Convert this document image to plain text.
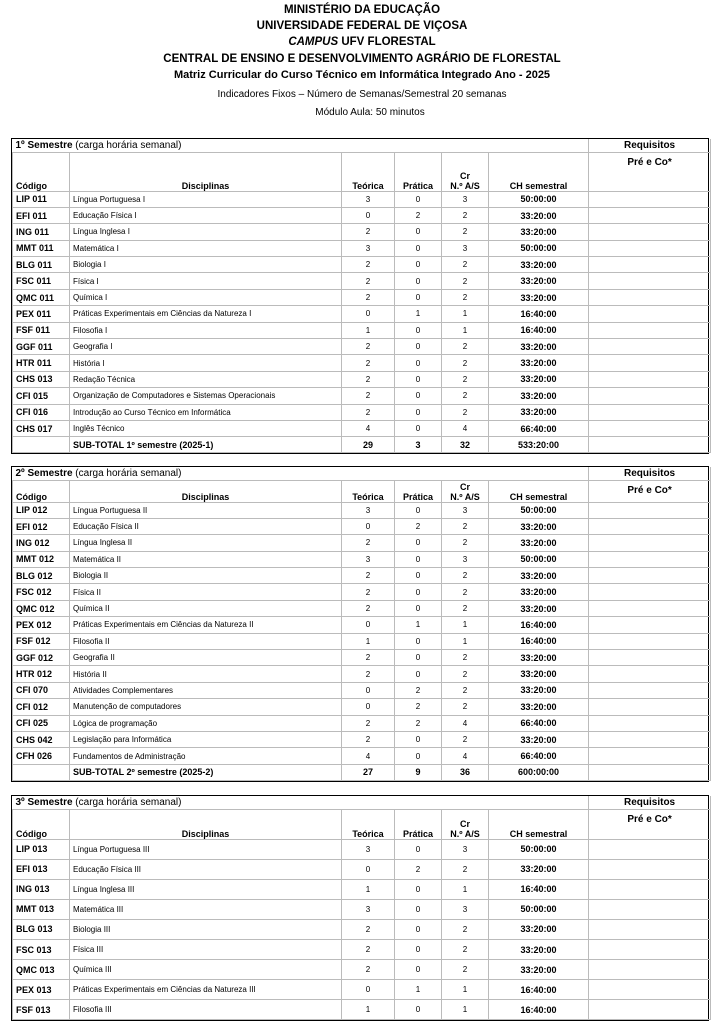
MINISTÉRIO DA EDUCAÇÃO
UNIVERSIDADE FEDERAL DE VIÇOSA
CAMPUS UFV FLORESTAL
CENTRAL DE ENSINO E DESENVOLVIMENTO AGRÁRIO DE FLORESTAL
Matriz Curricular do Curso Técnico em Informática Integrado Ano - 2025
Indicadores Fixos – Número de Semanas/Semestral 20 semanas
Módulo Aula: 50 minutos
1º Semestre (carga horária semanal)						Requisitos
Código	Disciplinas	Teórica	Prática	Cr
N.º A/S	CH semestral	Pré e Co*
LIP 011	Língua Portuguesa I	3	0	3	50:00:00	
EFI 011	Educação Física I	0	2	2	33:20:00	
ING 011	Língua Inglesa I	2	0	2	33:20:00	
MMT 011	Matemática I	3	0	3	50:00:00	
BLG 011	Biologia I	2	0	2	33:20:00	
FSC 011	Física I	2	0	2	33:20:00	
QMC 011	Química I	2	0	2	33:20:00	
PEX 011	Práticas Experimentais em Ciências da Natureza I	0	1	1	16:40:00	
FSF 011	Filosofia I	1	0	1	16:40:00	
GGF 011	Geografia I	2	0	2	33:20:00	
HTR 011	História I	2	0	2	33:20:00	
CHS 013	Redação Técnica	2	0	2	33:20:00	
CFI 015	Organização de Computadores e Sistemas Operacionais	2	0	2	33:20:00	
CFI 016	Introdução ao Curso Técnico em Informática	2	0	2	33:20:00	
CHS 017	Inglês Técnico	4	0	4	66:40:00	
	SUB-TOTAL 1º semestre (2025-1)	29	3	32	533:20:00	
2º Semestre (carga horária semanal)						Requisitos
Código	Disciplinas	Teórica	Prática	Cr
N.º A/S	CH semestral	Pré e Co*
LIP 012	Língua Portuguesa II	3	0	3	50:00:00	
EFI 012	Educação Física II	0	2	2	33:20:00	
ING 012	Língua Inglesa II	2	0	2	33:20:00	
MMT 012	Matemática II	3	0	3	50:00:00	
BLG 012	Biologia II	2	0	2	33:20:00	
FSC 012	Física II	2	0	2	33:20:00	
QMC 012	Química II	2	0	2	33:20:00	
PEX 012	Práticas Experimentais em Ciências da Natureza II	0	1	1	16:40:00	
FSF 012	Filosofia II	1	0	1	16:40:00	
GGF 012	Geografia II	2	0	2	33:20:00	
HTR 012	História II	2	0	2	33:20:00	
CFI 070	Atividades Complementares	0	2	2	33:20:00	
CFI 012	Manutenção de computadores	0	2	2	33:20:00	
CFI 025	Lógica de programação	2	2	4	66:40:00	
CHS 042	Legislação para Informática	2	0	2	33:20:00	
CFH 026	Fundamentos de Administração	4	0	4	66:40:00	
	SUB-TOTAL 2º semestre (2025-2)	27	9	36	600:00:00	
3º Semestre (carga horária semanal)						Requisitos
Código	Disciplinas	Teórica	Prática	Cr
N.º A/S	CH semestral	Pré e Co*
LIP 013	Língua Portuguesa III	3	0	3	50:00:00	
EFI 013	Educação Física III	0	2	2	33:20:00	
ING 013	Língua Inglesa III	1	0	1	16:40:00	
MMT 013	Matemática III	3	0	3	50:00:00	
BLG 013	Biologia III	2	0	2	33:20:00	
FSC 013	Física III	2	0	2	33:20:00	
QMC 013	Química III	2	0	2	33:20:00	
PEX 013	Práticas Experimentais em Ciências da Natureza III	0	1	1	16:40:00	
FSF 013	Filosofia III	1	0	1	16:40:00	
